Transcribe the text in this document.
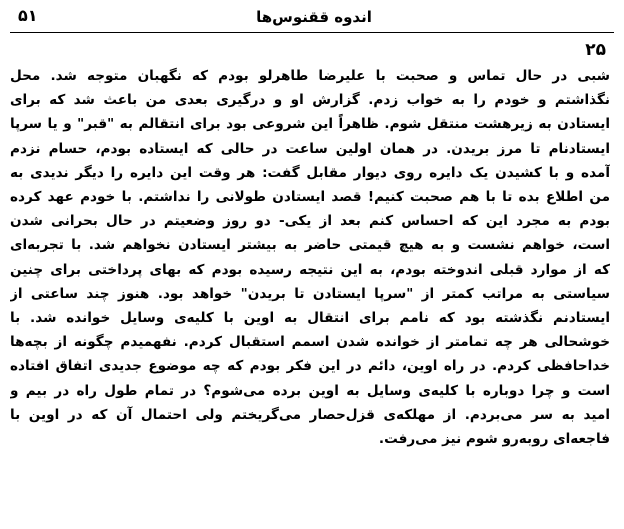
اندوه ققنوس‌ها
۵۱
۲۵
شبی در حال تماس و صحبت با علیرضا طاهرلو بودم که نگهبان متوجه شد. محل
نگذاشتم و خودم را به خواب زدم. گزارش او و درگیری بعدی من باعث شد که برای
ایستادن به زیرهشت منتقل شوم. ظاهراً این شروعی بود برای انتقالم به "قبر" و یا سرپا
ایستادنام تا مرز بریدن. در همان اولین ساعت در حالی که ایستاده بودم، حسام نزدم
آمده و با کشیدن یک دایره روی دیوار مقابل گفت: هر وقت این دایره را دیگر ندیدی به
من اطلاع بده تا با هم صحبت کنیم! قصد ایستادن طولانی را نداشتم. با خودم عهد کرده
بودم به مجرد این که احساس کنم بعد از یکی- دو روز وضعیتم در حال بحرانی شدن
است، خواهم نشست و به هیچ قیمتی حاضر به بیشتر ایستادن نخواهم شد. با تجربه‌ای
که از موارد قبلی اندوخته بودم، به این نتیجه رسیده بودم که بهای پرداختی برای چنین
سیاستی به مراتب کمتر از "سرپا ایستادن تا بریدن" خواهد بود. هنوز چند ساعتی از
ایستادنم نگذشته بود که نامم برای انتقال به اوین با کلیه‌ی وسایل خوانده شد. با
خوشحالی هر چه تمامتر از خوانده شدن اسمم استقبال کردم. نفهمیدم چگونه از بچه‌ها
خداحافظی کردم. در راه اوین، دائم در این فکر بودم که چه موضوع جدیدی اتفاق افتاده
است و چرا دوباره با کلیه‌ی وسایل به اوین برده می‌شوم؟ در تمام طول راه در بیم و
امید به سر می‌بردم. از مهلکه‌ی قزل‌حصار می‌گریختم ولی احتمال آن که در اوین با
فاجعه‌ای روبه‌رو شوم نیز می‌رفت.
